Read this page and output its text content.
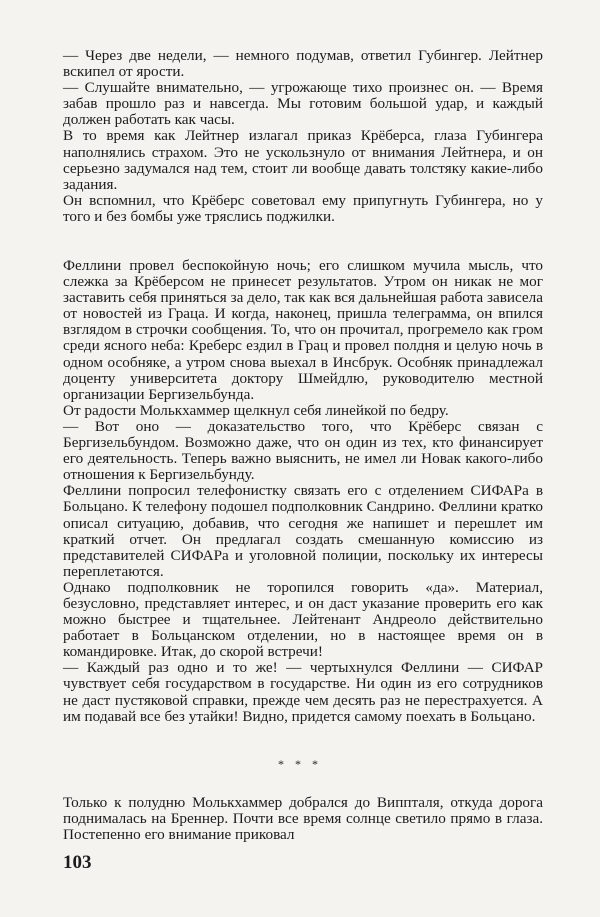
— Через две недели, — немного подумав, ответил Губингер. Лейтнер вскипел от ярости.

— Слушайте внимательно, — угрожающе тихо произнес он. — Время забав прошло раз и навсегда. Мы готовим большой удар, и каждый должен работать как часы.

В то время как Лейтнер излагал приказ Крёберса, глаза Губингера наполнялись страхом. Это не ускользнуло от внимания Лейтнера, и он серьезно задумался над тем, стоит ли вообще давать толстяку какие-либо задания.

Он вспомнил, что Крёберс советовал ему припугнуть Губингера, но у того и без бомбы уже тряслись поджилки.

Феллини провел беспокойную ночь; его слишком мучила мысль, что слежка за Крёберсом не принесет результатов. Утром он никак не мог заставить себя приняться за дело, так как вся дальнейшая работа зависела от новостей из Граца. И когда, наконец, пришла телеграмма, он впился взглядом в строчки сообщения. То, что он прочитал, прогремело как гром среди ясного неба: Креберс ездил в Грац и провел полдня и целую ночь в одном особняке, а утром снова выехал в Инсбрук. Особняк принадлежал доценту университета доктору Шмейдлю, руководителю местной организации Бергизельбунда.

От радости Молькхаммер щелкнул себя линейкой по бедру.

— Вот оно — доказательство того, что Крёберс связан с Бергизельбундом. Возможно даже, что он один из тех, кто финансирует его деятельность. Теперь важно выяснить, не имел ли Новак какого-либо отношения к Бергизельбунду.

Феллини попросил телефонистку связать его с отделением СИФАРа в Больцано. К телефону подошел подполковник Сандрино. Феллини кратко описал ситуацию, добавив, что сегодня же напишет и перешлет им краткий отчет. Он предлагал создать смешанную комиссию из представителей СИФАРа и уголовной полиции, поскольку их интересы переплетаются.

Однако подполковник не торопился говорить «да». Материал, безусловно, представляет интерес, и он даст указание проверить его как можно быстрее и тщательнее. Лейтенант Андреоло действительно работает в Больцанском отделении, но в настоящее время он в командировке. Итак, до скорой встречи!

— Каждый раз одно и то же! — чертыхнулся Феллини — СИФАР чувствует себя государством в государстве. Ни один из его сотрудников не даст пустяковой справки, прежде чем десять раз не перестрахуется. А им подавай все без утайки! Видно, придется самому поехать в Больцано.

* * *

Только к полудню Молькхаммер добрался до Виппталя, откуда дорога поднималась на Бреннер. Почти все время солнце светило прямо в глаза. Постепенно его внимание приковал

103
